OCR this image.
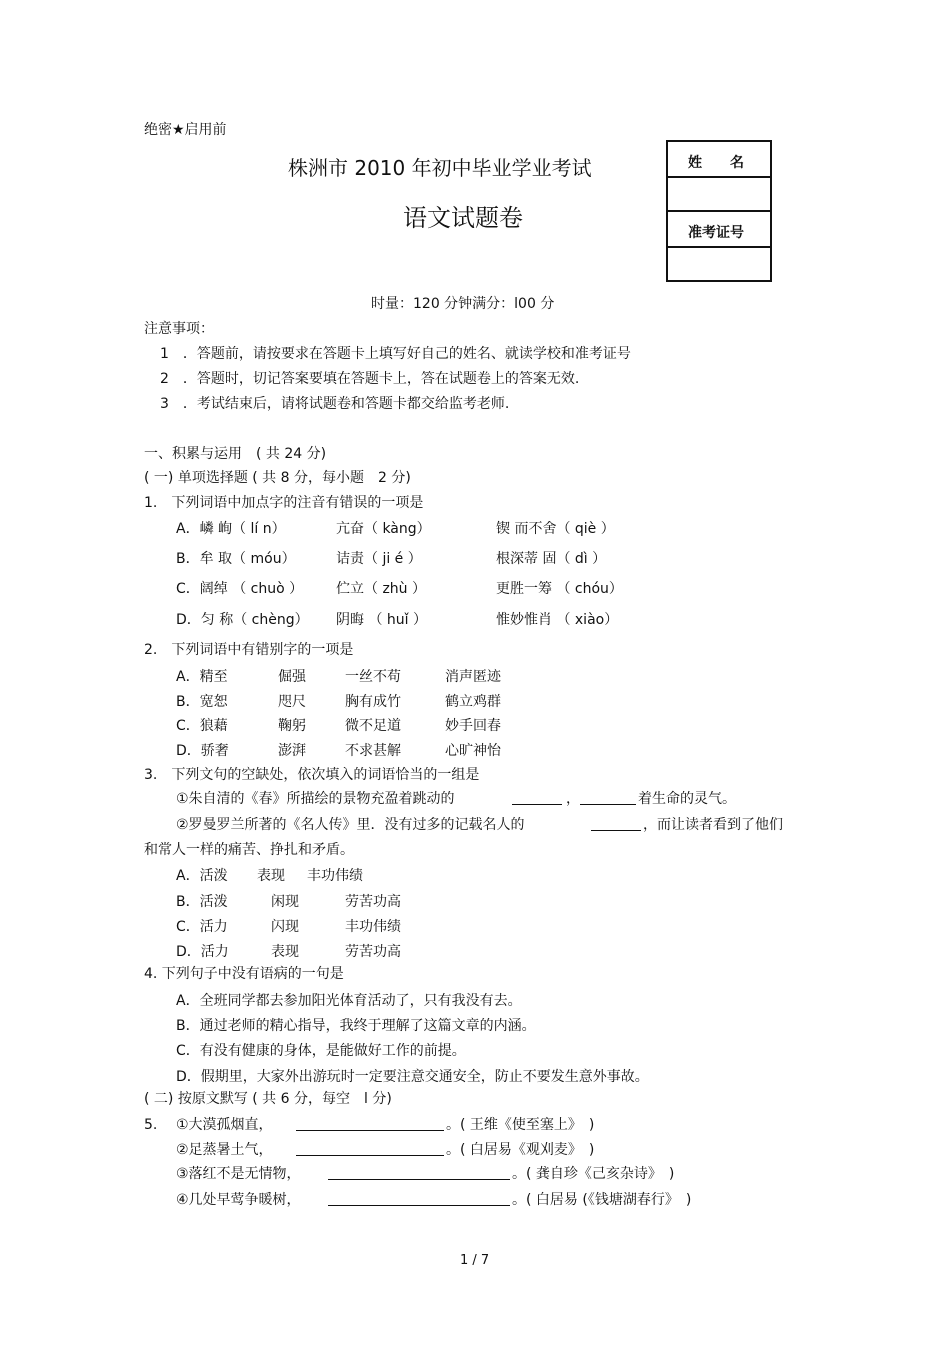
绝密★启用前
株洲市 2010 年初中毕业学业考试
语文试题卷
姓　　名
准考证号
时量：120 分钟满分：l00 分
注意事项：
1　．答题前，请按要求在答题卡上填写好自己的姓名、就读学校和准考证号
2　．答题时，切记答案要填在答题卡上，答在试题卷上的答案无效.
3　．考试结束后，请将试题卷和答题卡都交给监考老师.
一、积累与运用　( 共 24 分)
( 一) 单项选择题 ( 共 8 分，每小题　2 分)
1.　下列词语中加点字的注音有错误的一项是
A．嶙 峋（ lí n）	亢奋（ kàng）	锲 而不舍（ qiè ）
B．牟 取（ móu）	诘责（ ji é ）	根深蒂 固（ dì ）
C．阔绰 （ chuò ） 伫立（ zhù ）	更胜一筹 （ chóu）
D．匀 称（ chèng） 阴晦 （ huǐ ）	惟妙惟肖 （ xiào）
2.　下列词语中有错别字的一项是
A．精至	倔强	一丝不苟	消声匿迹
B．宽恕	咫尺	胸有成竹	鹤立鸡群
C．狼藉	鞠躬	微不足道	妙手回春
D．骄奢	澎湃	不求甚解	心旷神怡
3.　下列文句的空缺处，依次填入的词语恰当的一组是
①朱自清的《春》所描绘的景物充盈着跳动的	，	着生命的灵气。
②罗曼罗兰所著的《名人传》里．没有过多的记载名人的	，而让读者看到了他们
和常人一样的痛苦、挣扎和矛盾。
A．活泼 表现 丰功伟绩
B．活泼	闲现	劳苦功高
C．活力	闪现	丰功伟绩
D．活力	表现	劳苦功高
4. 下列句子中没有语病的一句是
A．全班同学都去参加阳光体育活动了，只有我没有去。
B．通过老师的精心指导，我终于理解了这篇文章的内涵。
C．有没有健康的身体，是能做好工作的前提。
D．假期里，大家外出游玩时一定要注意交通安全，防止不要发生意外事故。
( 二) 按原文默写 ( 共 6 分，每空　l 分)
5. ①大漠孤烟直，	。( 王维《使至塞上》　)
②足蒸暑土气，	。( 白居易《观刈麦》　)
③落红不是无情物，	。( 龚自珍《己亥杂诗》　)
④几处早莺争暖树，	。( 白居易 (《钱塘湖春行》　)
1 / 7
